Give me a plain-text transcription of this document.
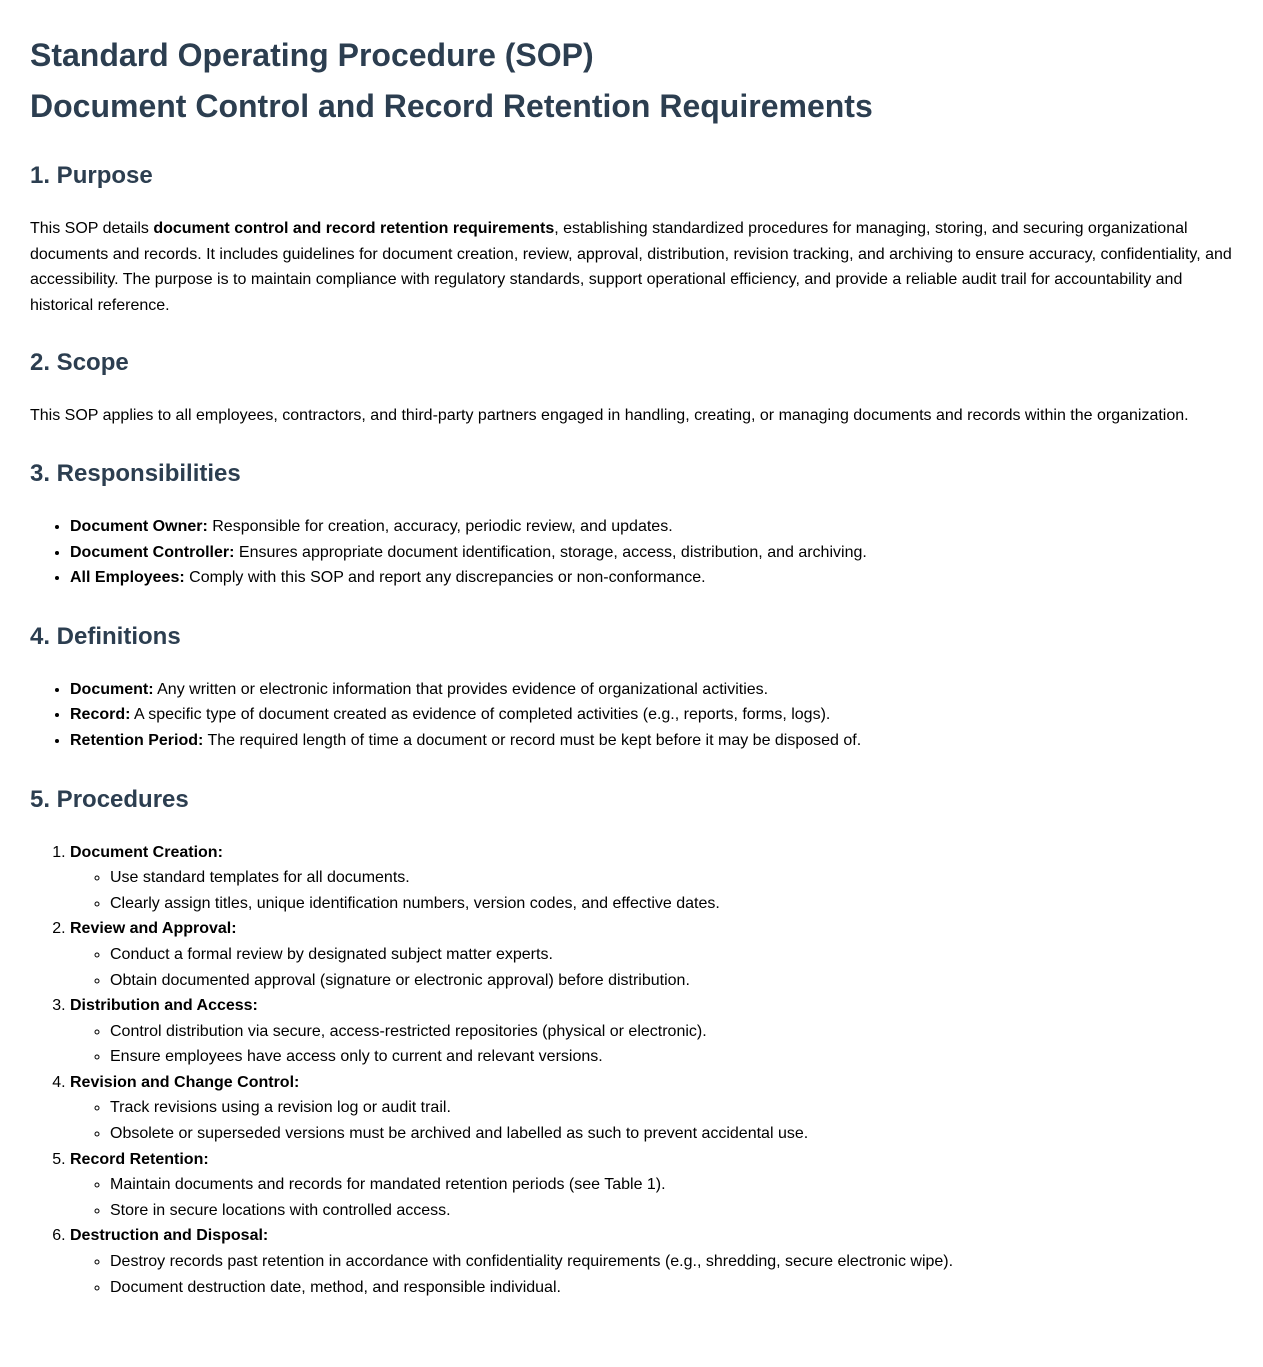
Standard Operating Procedure (SOP)
Document Control and Record Retention Requirements
1. Purpose

This SOP details document control and record retention requirements, establishing standardized procedures for managing, storing, and securing organizational documents and records. It includes guidelines for document creation, review, approval, distribution, revision tracking, and archiving to ensure accuracy, confidentiality, and accessibility. The purpose is to maintain compliance with regulatory standards, support operational efficiency, and provide a reliable audit trail for accountability and historical reference.

2. Scope

This SOP applies to all employees, contractors, and third-party partners engaged in handling, creating, or managing documents and records within the organization.

3. Responsibilities
• Document Owner: Responsible for creation, accuracy, periodic review, and updates.
• Document Controller: Ensures appropriate document identification, storage, access, distribution, and archiving.
• All Employees: Comply with this SOP and report any discrepancies or non-conformance.
4. Definitions
• Document: Any written or electronic information that provides evidence of organizational activities.
• Record: A specific type of document created as evidence of completed activities (e.g., reports, forms, logs).
• Retention Period: The required length of time a document or record must be kept before it may be disposed of.
5. Procedures
1. Document Creation:
◦ Use standard templates for all documents.
◦ Clearly assign titles, unique identification numbers, version codes, and effective dates.
2. Review and Approval:
◦ Conduct a formal review by designated subject matter experts.
◦ Obtain documented approval (signature or electronic approval) before distribution.
3. Distribution and Access:
◦ Control distribution via secure, access-restricted repositories (physical or electronic).
◦ Ensure employees have access only to current and relevant versions.
4. Revision and Change Control:
◦ Track revisions using a revision log or audit trail.
◦ Obsolete or superseded versions must be archived and labelled as such to prevent accidental use.
5. Record Retention:
◦ Maintain documents and records for mandated retention periods (see Table 1).
◦ Store in secure locations with controlled access.
6. Destruction and Disposal:
◦ Destroy records past retention in accordance with confidentiality requirements (e.g., shredding, secure electronic wipe).
◦ Document destruction date, method, and responsible individual.
